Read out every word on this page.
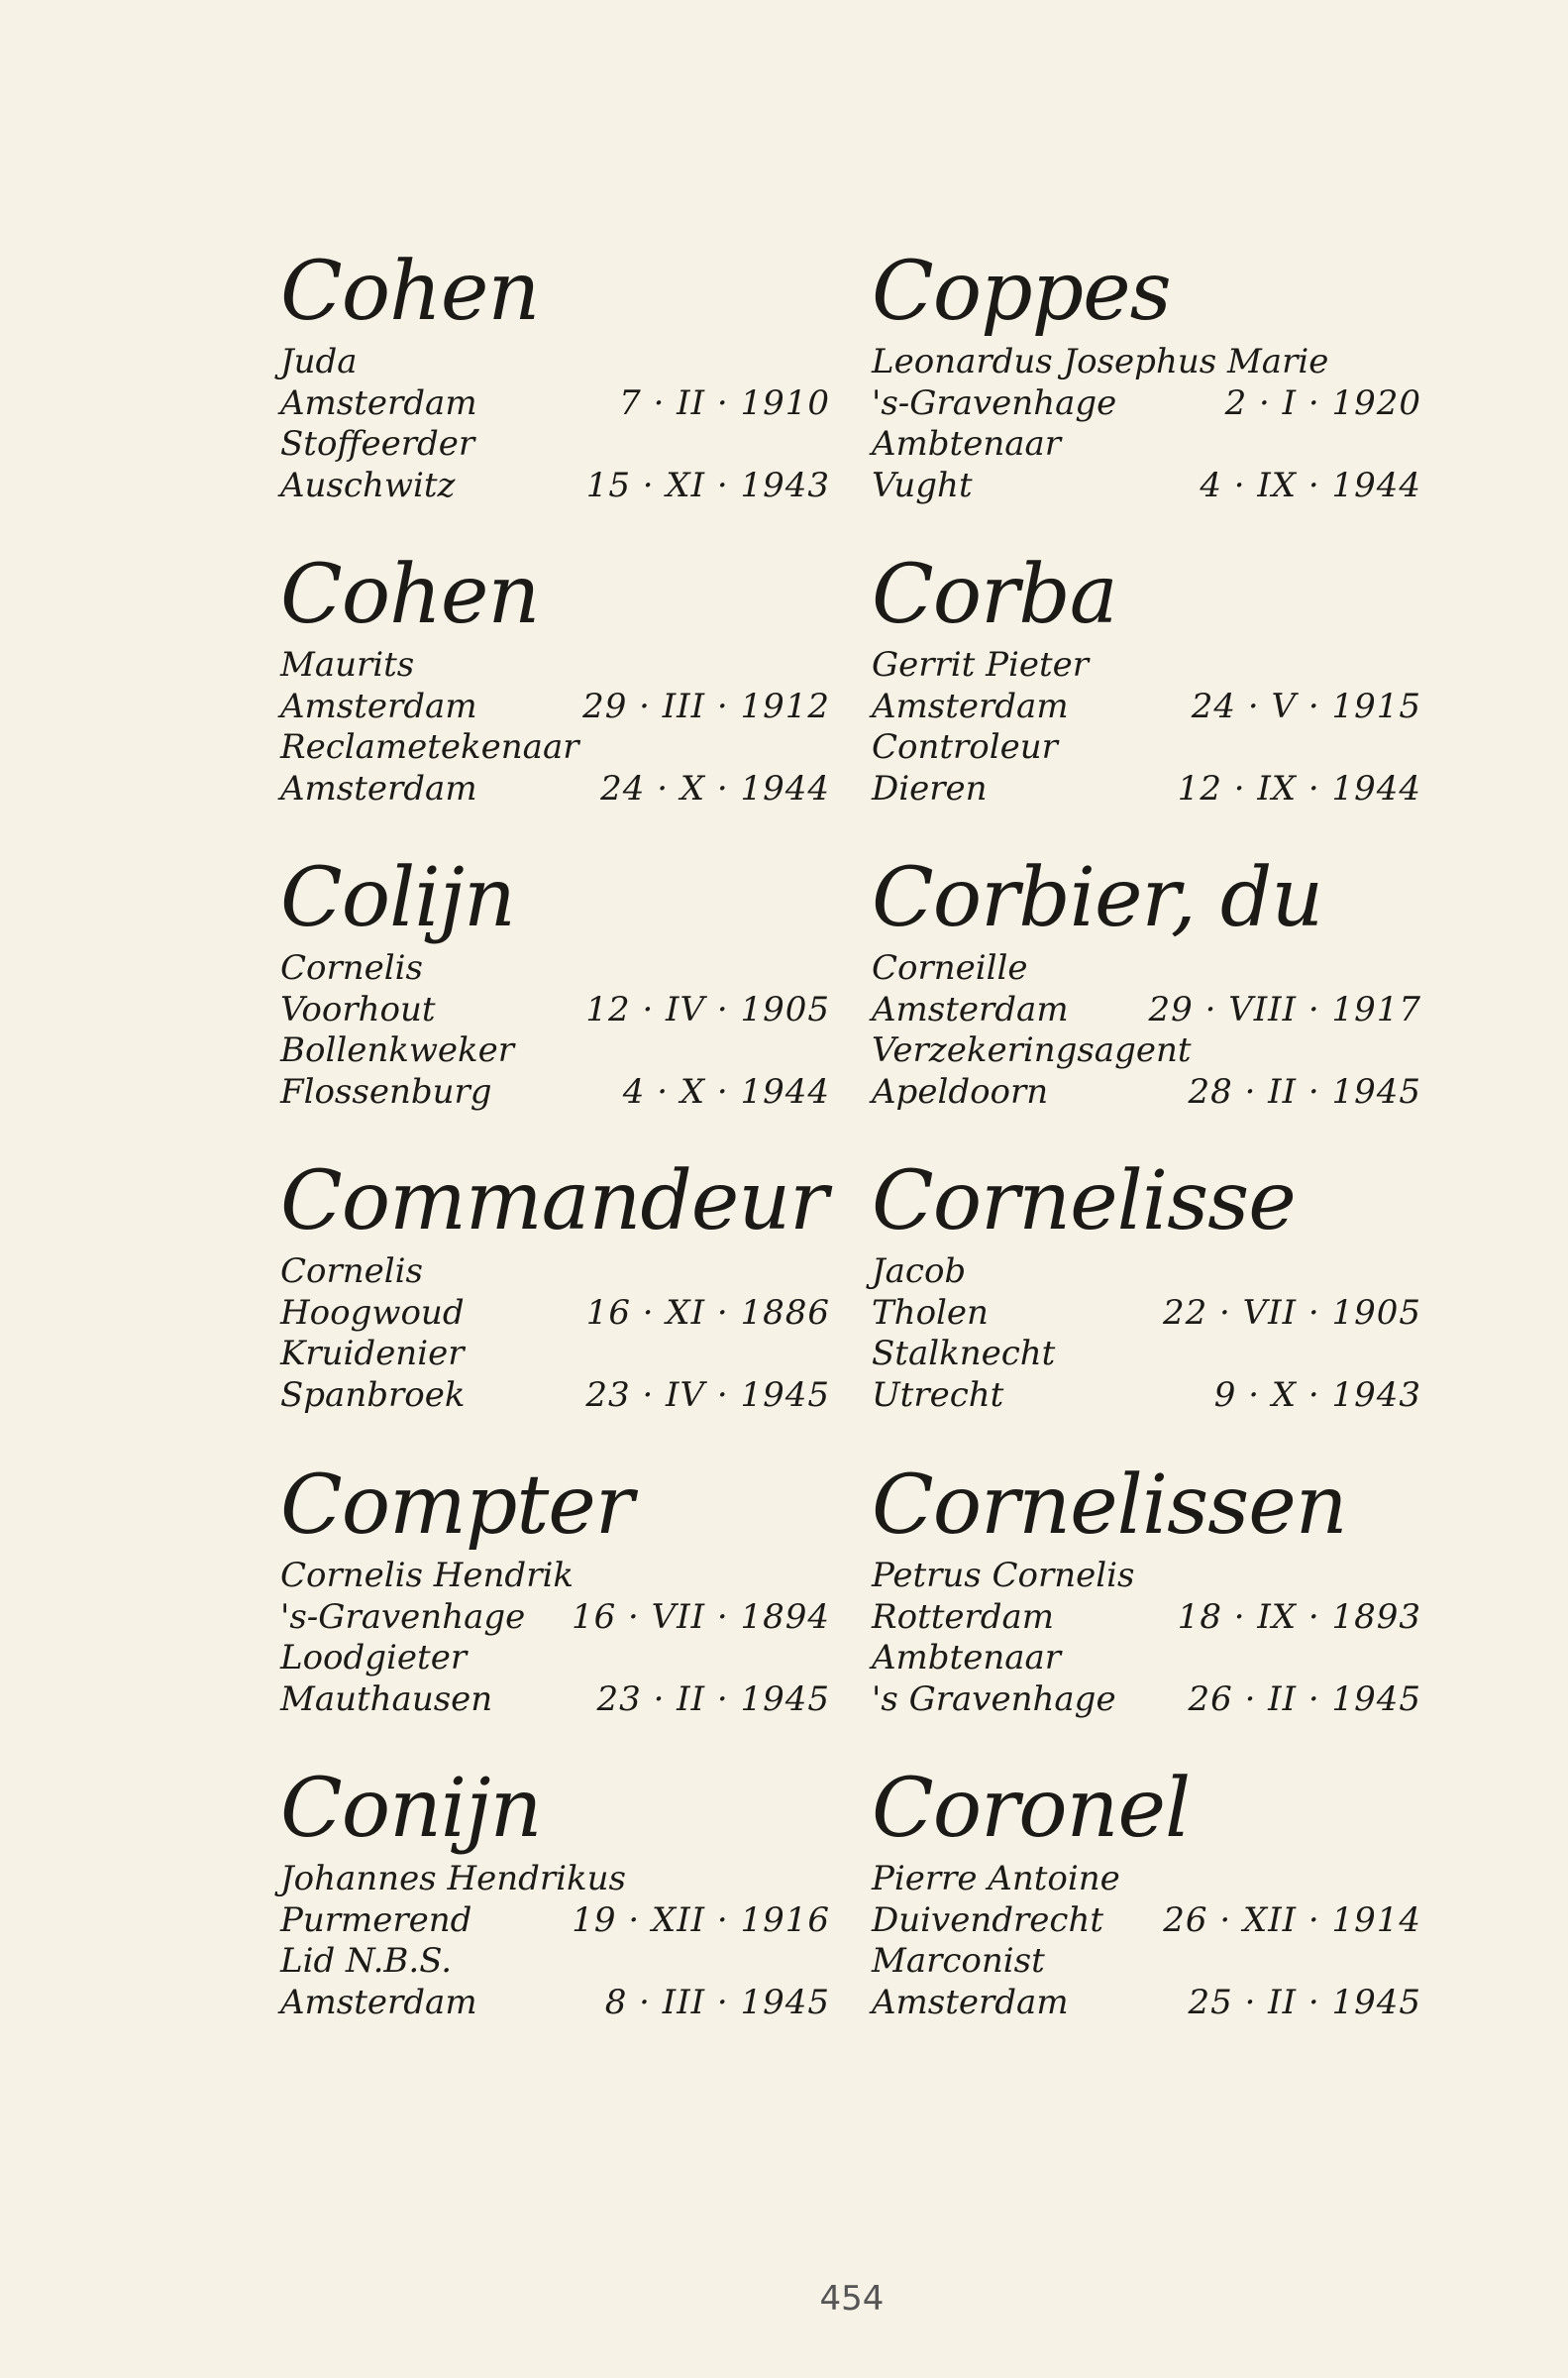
Cohen
Juda
Amsterdam	7 · II · 1910
Stoffeerder
Auschwitz	15 · XI · 1943
Coppes
Leonardus Josephus Marie
's-Gravenhage	2 · I · 1920
Ambtenaar
Vught	4 · IX · 1944
Cohen
Maurits
Amsterdam	29 · III · 1912
Reclametekenaar
Amsterdam	24 · X · 1944
Corba
Gerrit Pieter
Amsterdam	24 · V · 1915
Controleur
Dieren	12 · IX · 1944
Colijn
Cornelis
Voorhout	12 · IV · 1905
Bollenkweker
Flossenburg	4 · X · 1944
Corbier, du
Corneille
Amsterdam 29 · VIII · 1917
Verzekeringsagent
Apeldoorn	28 · II · 1945
Commandeur
Cornelis
Hoogwoud	16 · XI · 1886
Kruidenier
Spanbroek	23 · IV · 1945
Cornelisse
Jacob
Tholen	22 · VII · 1905
Stalknecht
Utrecht	9 · X · 1943
Compter
Cornelis Hendrik
's-Gravenhage 16 · VII · 1894
Loodgieter
Mauthausen	23 · II · 1945
Cornelissen
Petrus Cornelis
Rotterdam	18 · IX · 1893
Ambtenaar
's Gravenhage 26 · II · 1945
Conijn
Johannes Hendrikus
Purmerend	19 · XII · 1916
Lid N.B.S.
Amsterdam	8 · III · 1945
Coronel
Pierre Antoine
Duivendrecht 26 · XII · 1914
Marconist
Amsterdam	25 · II · 1945
454
